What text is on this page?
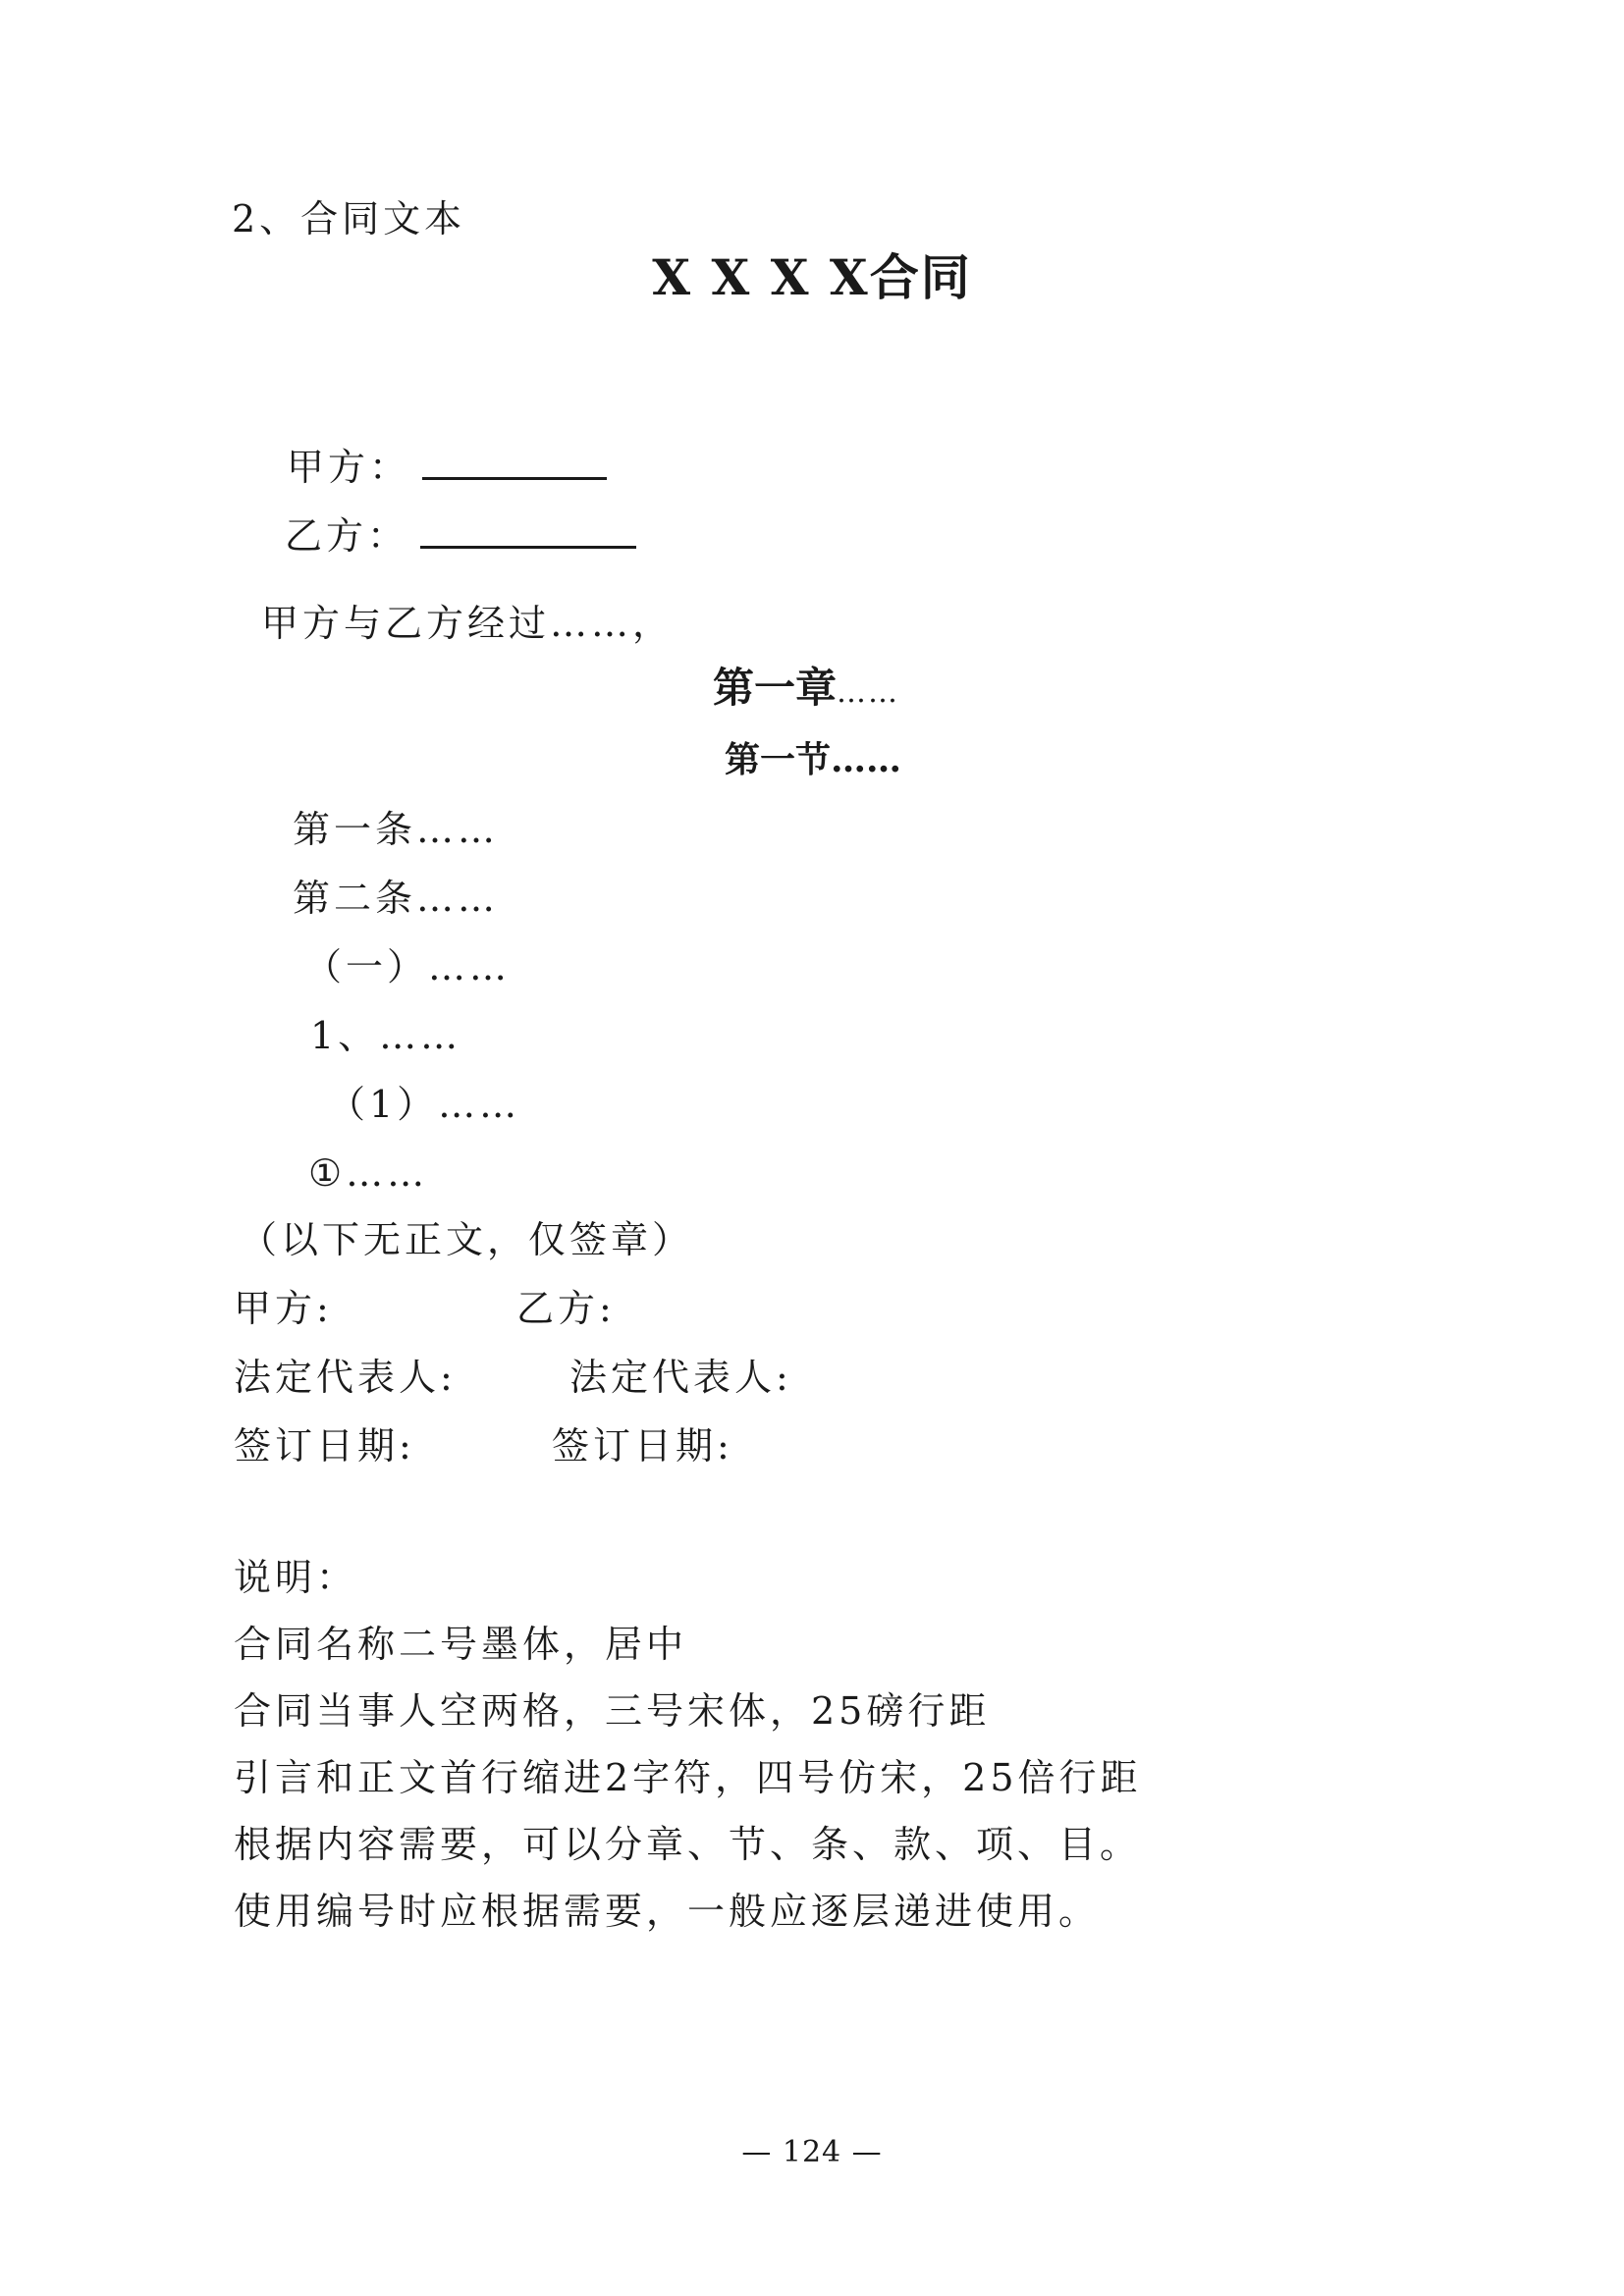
2、合同文本
X X X X合同
甲方：
乙方：
甲方与乙方经过……，
第一章……
第一节……
第一条……
第二条……
（一）……
1、……
（1）……
①……
（以下无正文，仅签章）
甲方:	乙方:
法定代表人:	法定代表人:
签订日期:	签订日期:
说明：
合同名称二号墨体，居中
合同当事人空两格，三号宋体，25磅行距
引言和正文首行缩进2字符，四号仿宋，25倍行距
根据内容需要，可以分章、节、条、款、项、目。
使用编号时应根据需要，一般应逐层递进使用。
— 124 —
